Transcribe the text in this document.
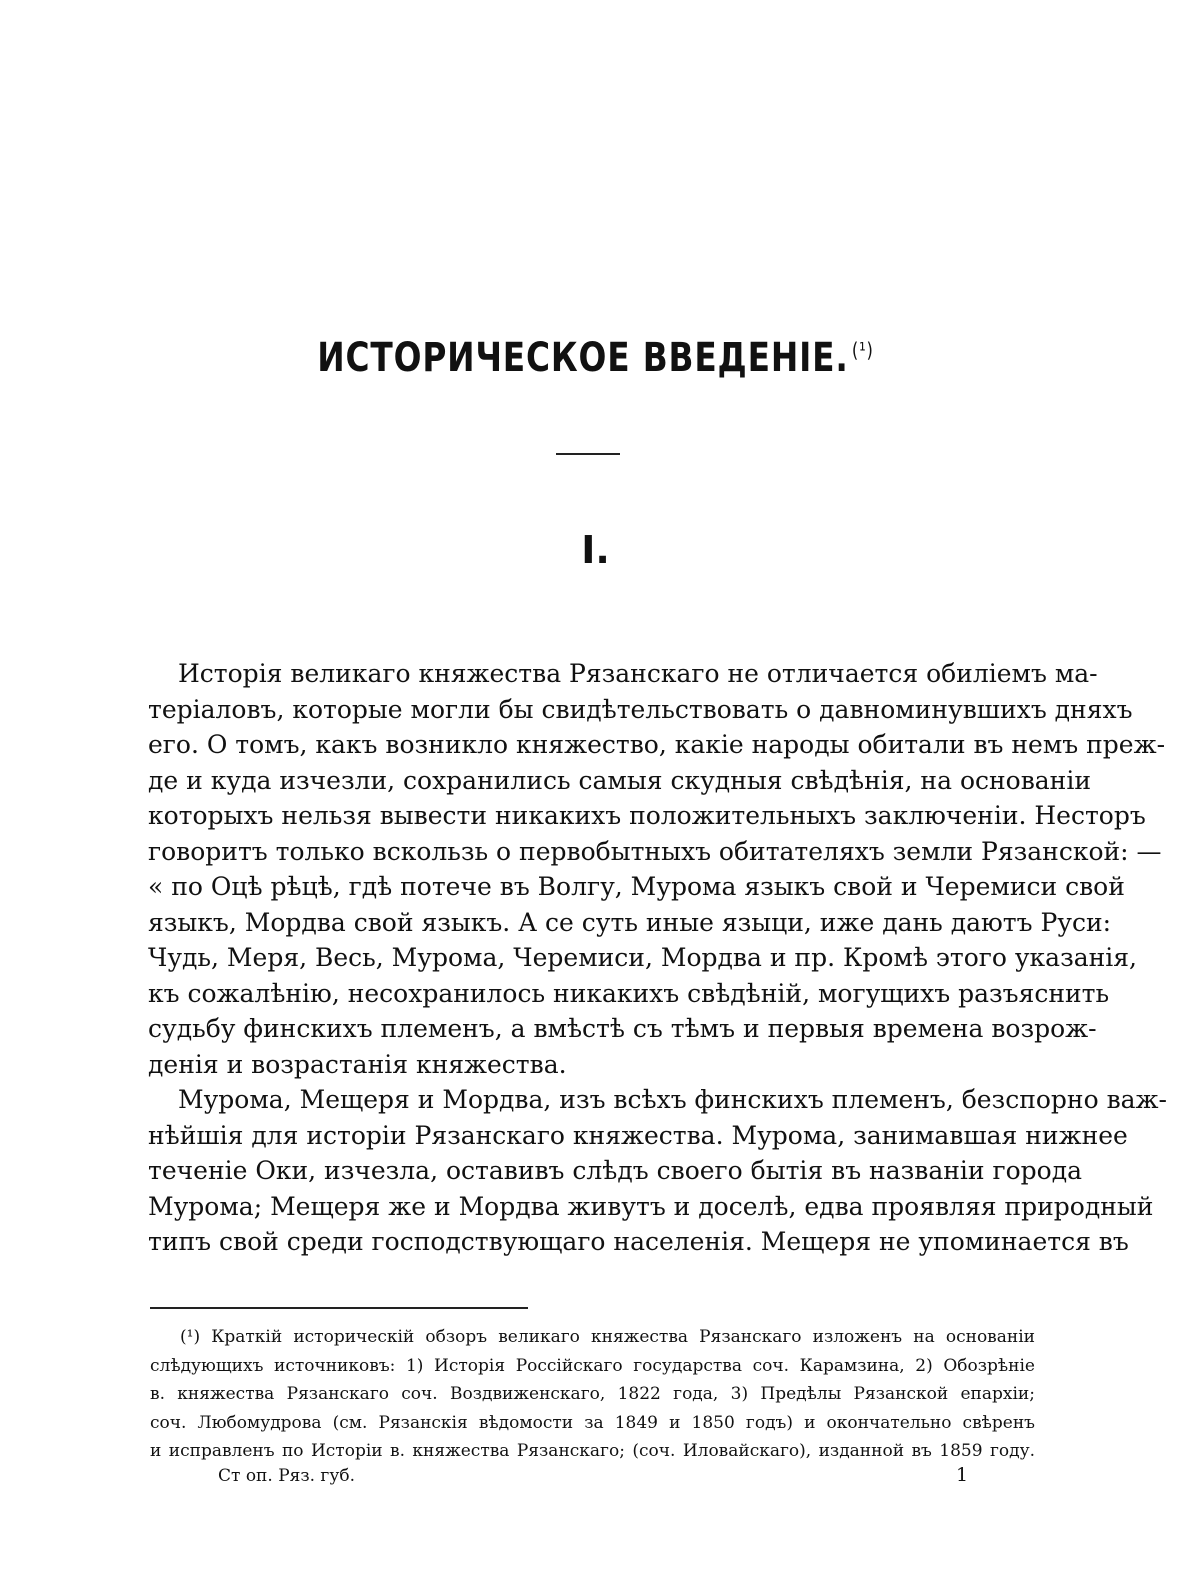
ИСТОРИЧЕСКОЕ ВВЕДЕНІЕ. $^{(^1)}$
I.
Исторія великаго княжества Рязанскаго не отличается обиліемъ ма-
теріаловъ, которые могли бы свидѣтельствовать о давноминувшихъ дняхъ
его. О томъ, какъ возникло княжество, какіе народы обитали въ немъ преж-
де и куда изчезли, сохранились самыя скудныя свѣдѣнія, на основаніи
которыхъ нельзя вывести никакихъ положительныхъ заключеніи. Несторъ
говоритъ только вскользь о первобытныхъ обитателяхъ земли Рязанской: —
« по Оцѣ рѣцѣ, гдѣ потече въ Волгу, Мурома языкъ свой и Черемиси свой
языкъ, Мордва свой языкъ. А се суть иные языци, иже дань даютъ Руси:
Чудь, Меря, Весь, Мурома, Черемиси, Мордва и пр. Кромѣ этого указанія,
къ сожалѣнію, несохранилось никакихъ свѣдѣній, могущихъ разъяснить
судьбу финскихъ племенъ, а вмѣстѣ съ тѣмъ и первыя времена возрож-
денія и возрастанія княжества.
Мурома, Мещеря и Мордва, изъ всѣхъ финскихъ племенъ, безспорно важ-
нѣйшія для исторіи Рязанскаго княжества. Мурома, занимавшая нижнее
теченіе Оки, изчезла, оставивъ слѣдъ своего бытія въ названіи города
Мурома; Мещеря же и Мордва живутъ и доселѣ, едва проявляя природный
типъ свой среди господствующаго населенія. Мещеря не упоминается въ
(¹) Краткій историческій обзоръ великаго княжества Рязанскаго изложенъ на основаніи
слѣдующихъ источниковъ: 1) Исторія Россійскаго государства соч. Карамзина, 2) Обозрѣніе
в. княжества Рязанскаго соч. Воздвиженскаго, 1822 года, 3) Предѣлы Рязанской епархіи;
соч. Любомудрова (см. Рязанскія вѣдомости за 1849 и 1850 годъ) и окончательно свѣренъ
и исправленъ по Исторіи в. княжества Рязанскаго; (соч. Иловайскаго), изданной въ 1859 году.
Ст оп. Ряз. губ.	1
